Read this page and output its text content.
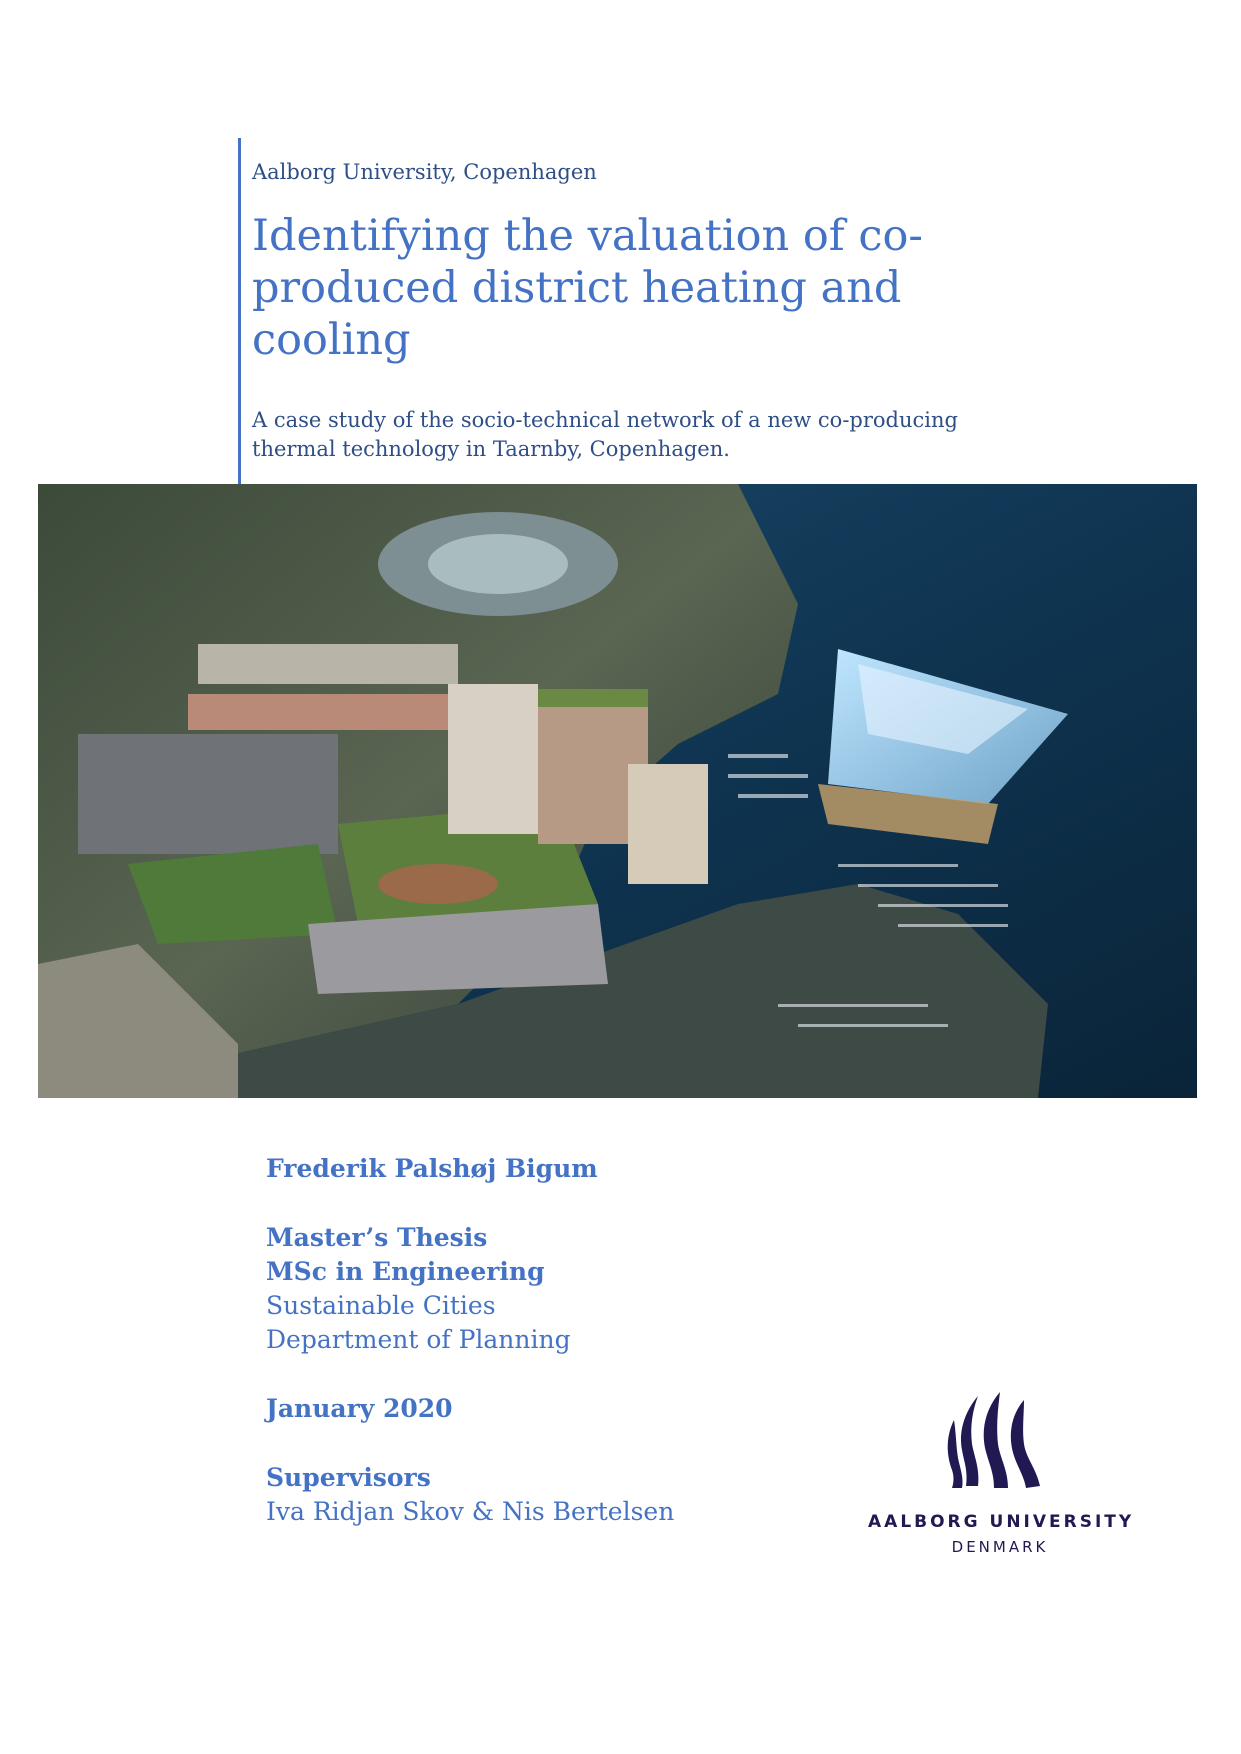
Aalborg University, Copenhagen
Identifying the valuation of co-produced district heating and cooling
A case study of the socio-technical network of a new co-producing thermal technology in Taarnby, Copenhagen.
Frederik Palshøj Bigum
Master’s Thesis
MSc in Engineering
Sustainable Cities
Department of Planning
January 2020
Supervisors
Iva Ridjan Skov & Nis Bertelsen	AALBORG UNIVERSITY
DENMARK
